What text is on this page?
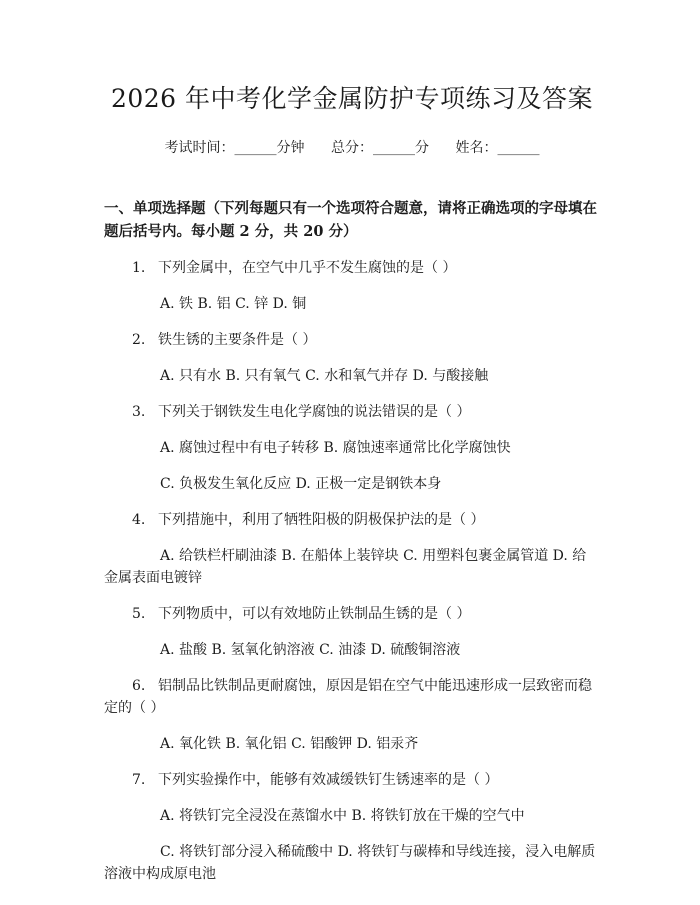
2026 年中考化学金属防护专项练习及答案
考试时间：______分钟 总分：______分 姓名：______
一、单项选择题（下列每题只有一个选项符合题意，请将正确选项的字母填在题后括号内。每小题 2 分，共 20 分）
1. 下列金属中，在空气中几乎不发生腐蚀的是（ ）
A. 铁 B. 铝 C. 锌 D. 铜
2. 铁生锈的主要条件是（ ）
A. 只有水 B. 只有氧气 C. 水和氧气并存 D. 与酸接触
3. 下列关于钢铁发生电化学腐蚀的说法错误的是（ ）
A. 腐蚀过程中有电子转移 B. 腐蚀速率通常比化学腐蚀快
C. 负极发生氧化反应 D. 正极一定是钢铁本身
4. 下列措施中，利用了牺牲阳极的阴极保护法的是（ ）
A. 给铁栏杆刷油漆 B. 在船体上装锌块 C. 用塑料包裹金属管道 D. 给金属表面电镀锌
5. 下列物质中，可以有效地防止铁制品生锈的是（ ）
A. 盐酸 B. 氢氧化钠溶液 C. 油漆 D. 硫酸铜溶液
6. 铝制品比铁制品更耐腐蚀，原因是铝在空气中能迅速形成一层致密而稳定的（ ）
A. 氧化铁 B. 氧化铝 C. 铝酸钾 D. 铝汞齐
7. 下列实验操作中，能够有效减缓铁钉生锈速率的是（ ）
A. 将铁钉完全浸没在蒸馏水中 B. 将铁钉放在干燥的空气中
C. 将铁钉部分浸入稀硫酸中 D. 将铁钉与碳棒和导线连接，浸入电解质溶液中构成原电池
